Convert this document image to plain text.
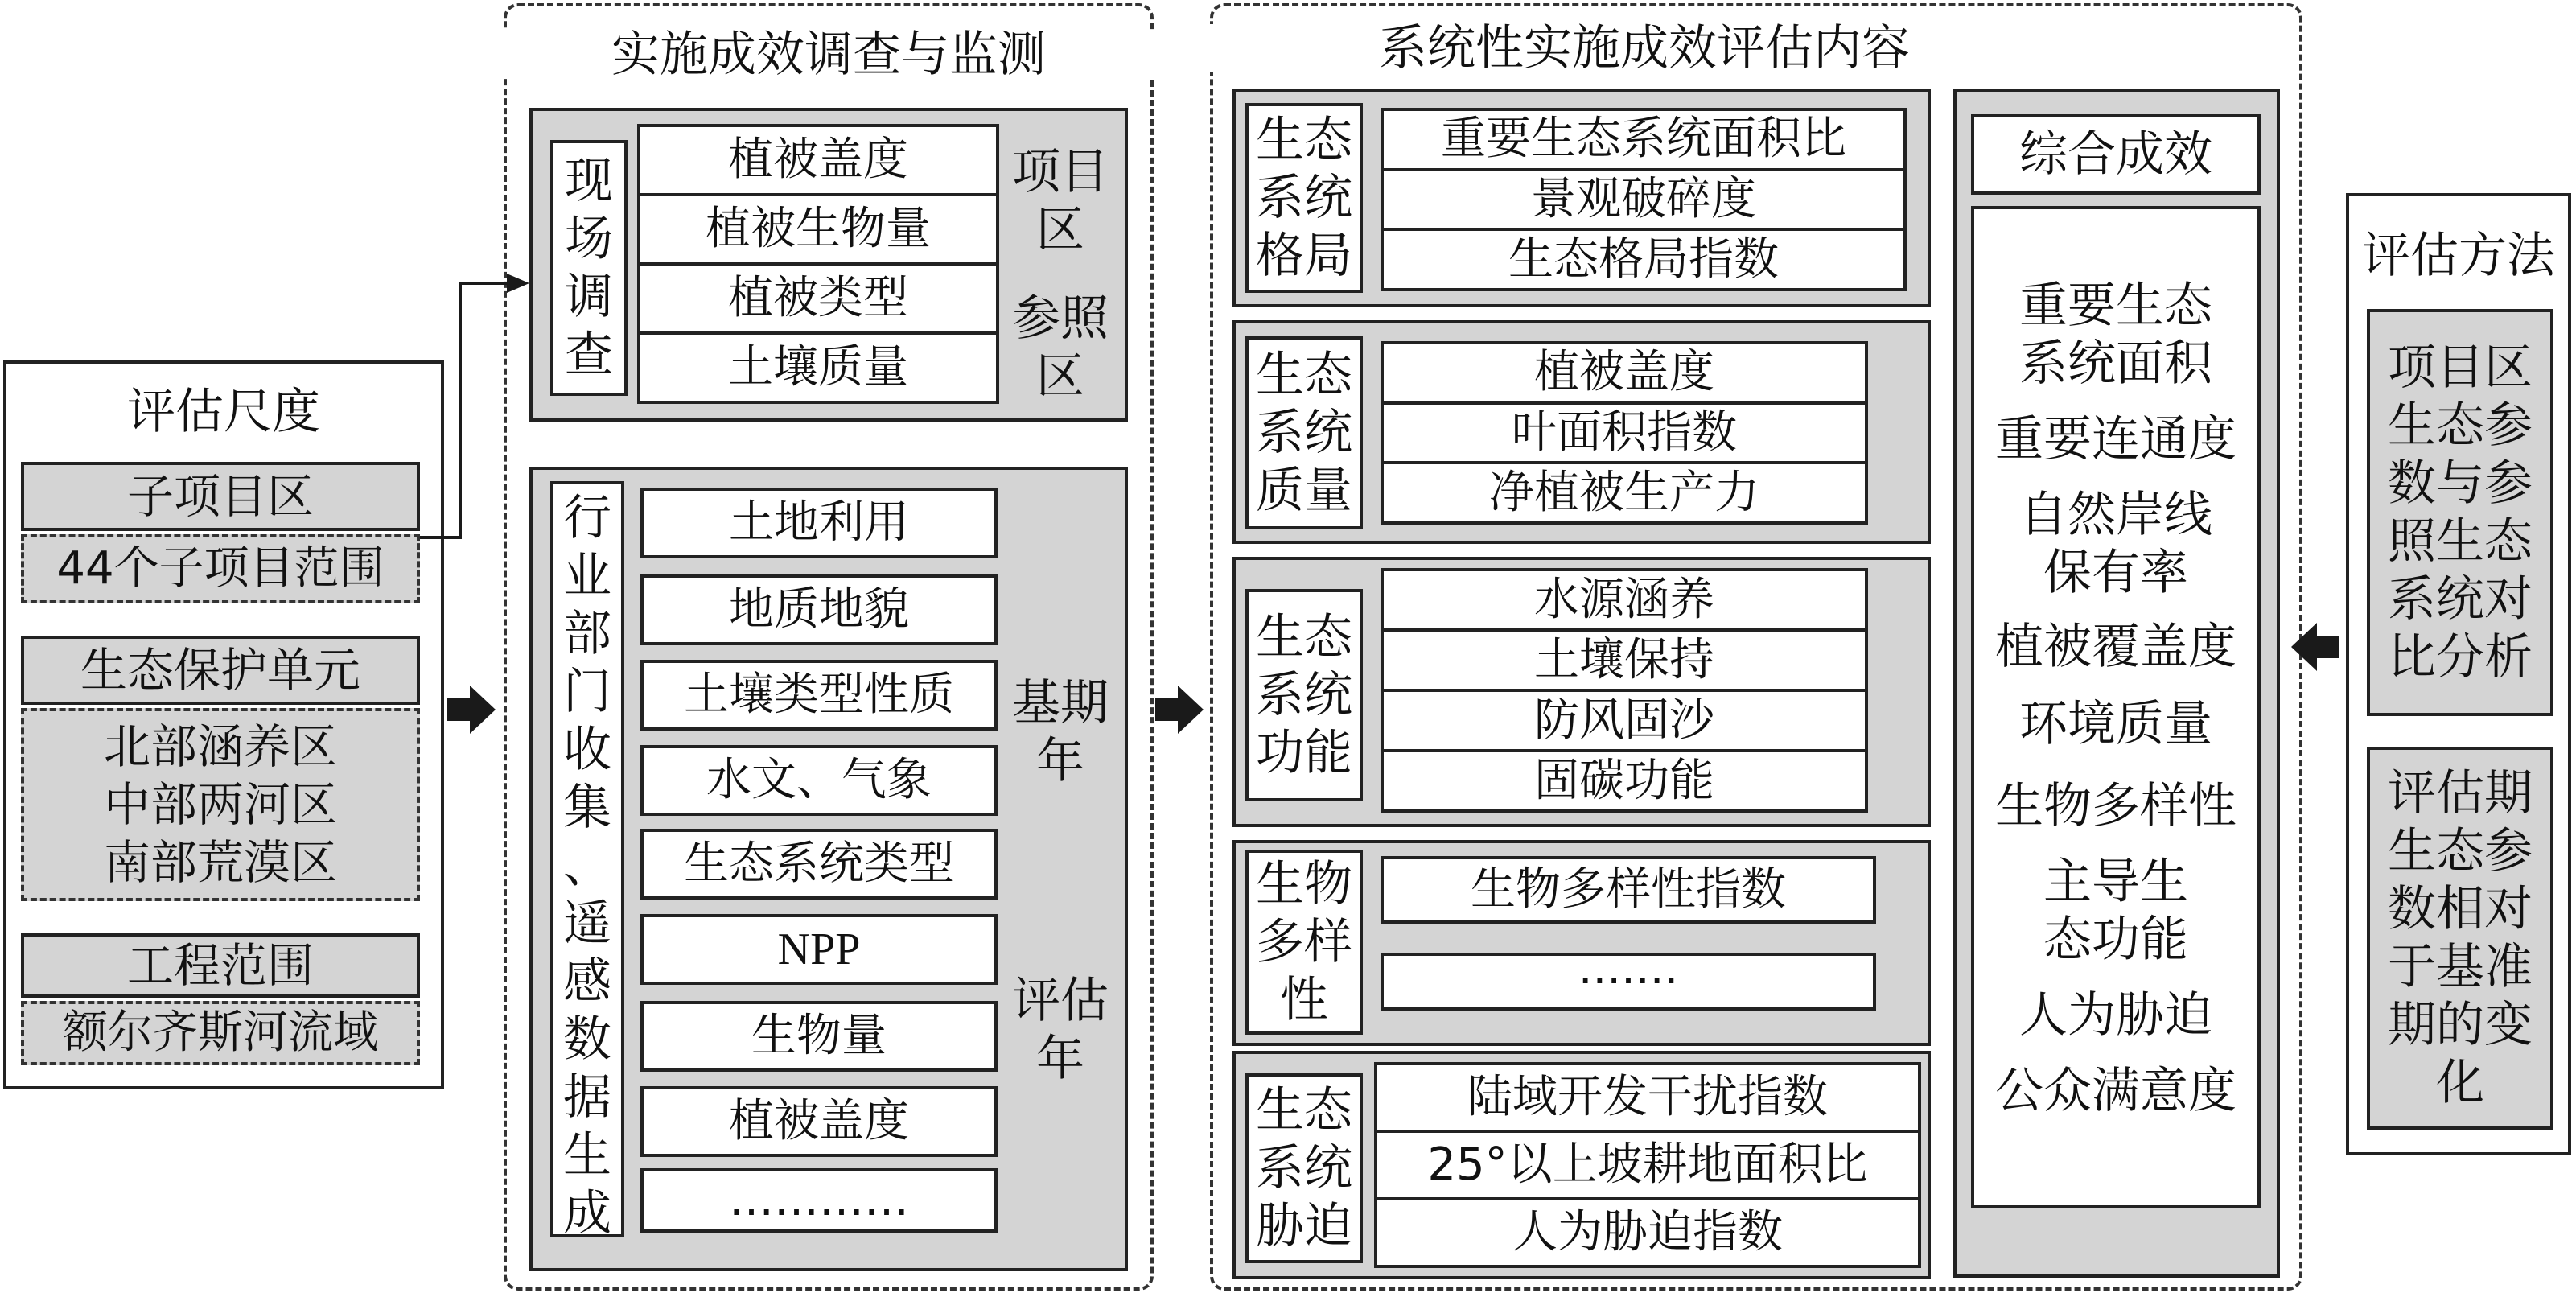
评估尺度
子项目区
44个子项目范围
生态保护单元
北部涵养区
中部两河区
南部荒漠区
工程范围
额尔齐斯河流域
实施成效调查与监测
现
场
调
查
植被盖度
植被生物量
植被类型
土壤质量
项目
区
参照
区
行
业
部
门
收
集
、
遥
感
数
据
生
成
土地利用
地质地貌
土壤类型性质
水文、气象
生态系统类型
NPP
生物量
植被盖度
…………
基期
年
评估
年
系统性实施成效评估内容
生态
系统
格局
重要生态系统面积比
景观破碎度
生态格局指数
生态
系统
质量
植被盖度
叶面积指数
净植被生产力
生态
系统
功能
水源涵养
土壤保持
防风固沙
固碳功能
生物
多样
性
生物多样性指数
·······
生态
系统
胁迫
陆域开发干扰指数
25°以上坡耕地面积比
人为胁迫指数
综合成效
重要生态
系统面积
重要连通度
自然岸线
保有率
植被覆盖度
环境质量
生物多样性
主导生
态功能
人为胁迫
公众满意度
评估方法
项目区
生态参
数与参
照生态
系统对
比分析
评估期
生态参
数相对
于基准
期的变
化
